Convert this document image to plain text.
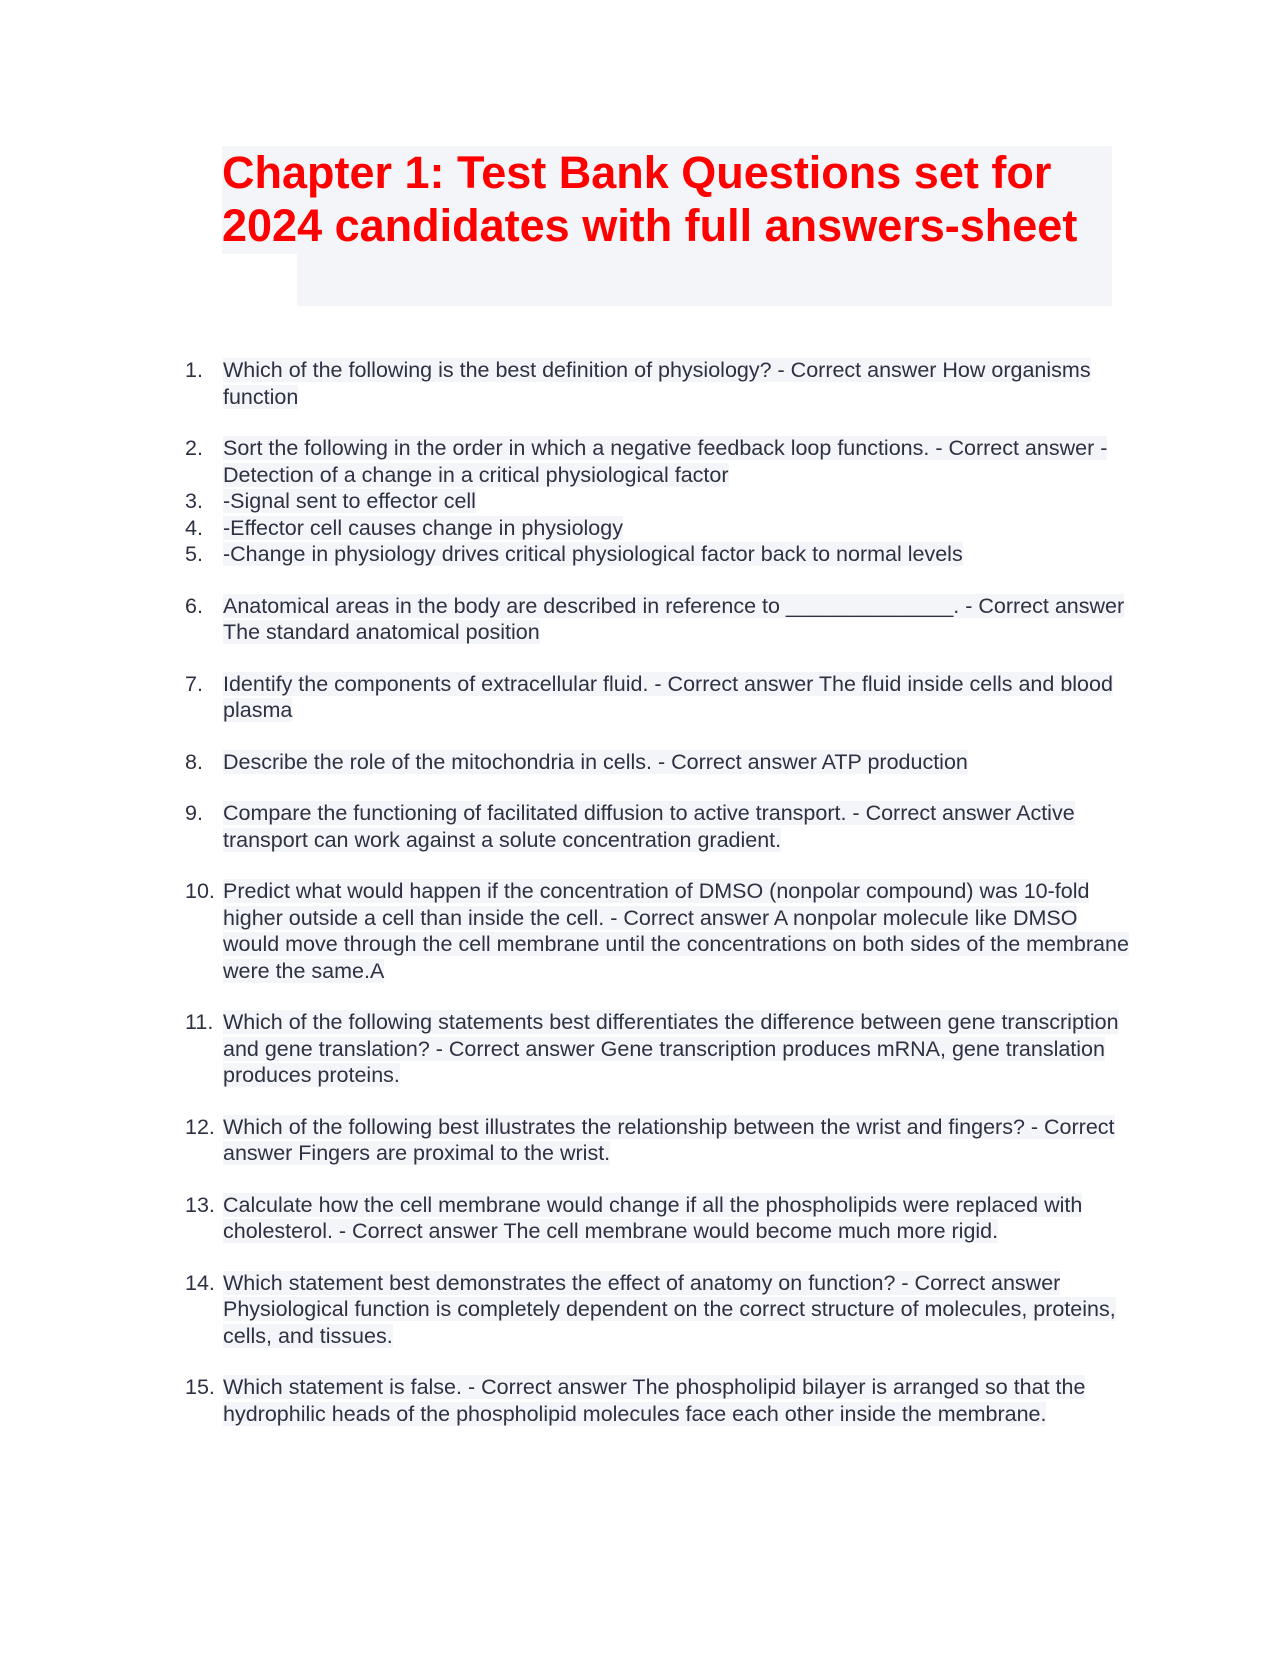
Chapter 1: Test Bank Questions set for 2024 candidates with full answers-sheet
1. Which of the following is the best definition of physiology? - Correct answer How organisms function
2. Sort the following in the order in which a negative feedback loop functions. - Correct answer -Detection of a change in a critical physiological factor
3. -Signal sent to effector cell
4. -Effector cell causes change in physiology
5. -Change in physiology drives critical physiological factor back to normal levels
6. Anatomical areas in the body are described in reference to ______________. - Correct answer The standard anatomical position
7. Identify the components of extracellular fluid. - Correct answer The fluid inside cells and blood plasma
8. Describe the role of the mitochondria in cells. - Correct answer ATP production
9. Compare the functioning of facilitated diffusion to active transport. - Correct answer Active transport can work against a solute concentration gradient.
10. Predict what would happen if the concentration of DMSO (nonpolar compound) was 10-fold higher outside a cell than inside the cell. - Correct answer A nonpolar molecule like DMSO would move through the cell membrane until the concentrations on both sides of the membrane were the same.A
11. Which of the following statements best differentiates the difference between gene transcription and gene translation? - Correct answer Gene transcription produces mRNA, gene translation produces proteins.
12. Which of the following best illustrates the relationship between the wrist and fingers? - Correct answer Fingers are proximal to the wrist.
13. Calculate how the cell membrane would change if all the phospholipids were replaced with cholesterol. - Correct answer The cell membrane would become much more rigid.
14. Which statement best demonstrates the effect of anatomy on function? - Correct answer Physiological function is completely dependent on the correct structure of molecules, proteins, cells, and tissues.
15. Which statement is false. - Correct answer The phospholipid bilayer is arranged so that the hydrophilic heads of the phospholipid molecules face each other inside the membrane.
